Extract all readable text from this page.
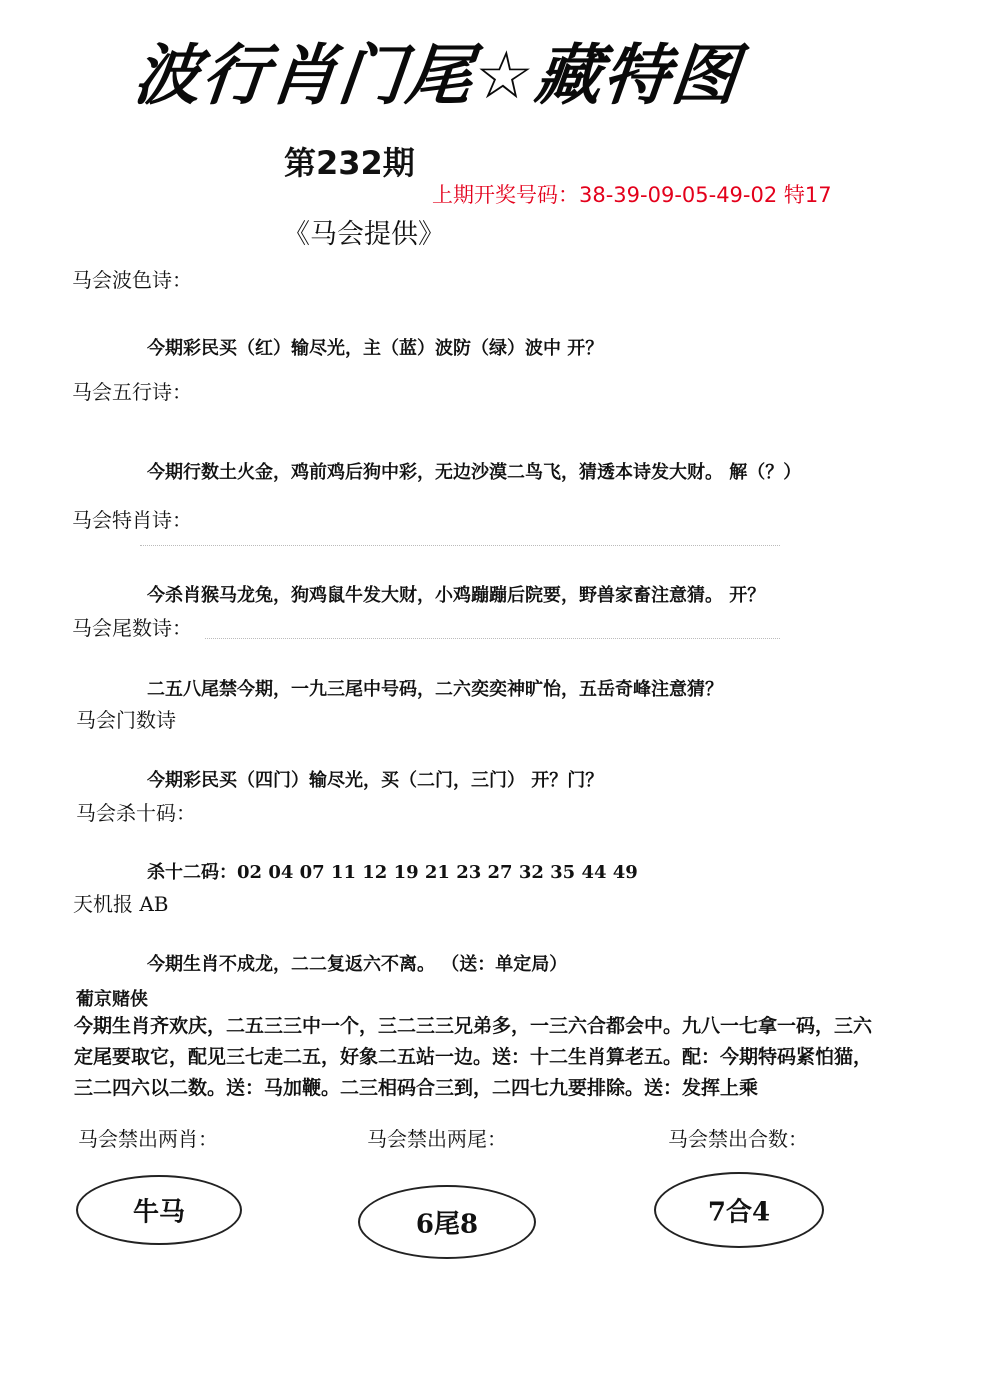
波行肖门尾☆藏特图
第232期
上期开奖号码：38-39-09-05-49-02 特17
《马会提供》
马会波色诗：
今期彩民买（红）输尽光，主（蓝）波防（绿）波中 开？
马会五行诗：
今期行数土火金，鸡前鸡后狗中彩，无边沙漠二鸟飞，猜透本诗发大财。 解（？）
马会特肖诗：
今杀肖猴马龙兔，狗鸡鼠牛发大财，小鸡蹦蹦后院要，野兽家畜注意猜。 开？
马会尾数诗：
二五八尾禁今期，一九三尾中号码，二六奕奕神旷怡，五岳奇峰注意猜？
马会门数诗
今期彩民买（四门）输尽光，买（二门，三门） 开？门？
马会杀十码：
杀十二码：02 04 07 11 12 19 21 23 27 32 35 44 49
天机报 AB
今期生肖不成龙，二二复返六不离。 （送：单定局）
葡京赌侠
今期生肖齐欢庆，二五三三中一个，三二三三兄弟多，一三六合都会中。九八一七拿一码，三六
定尾要取它，配见三七走二五，好象二五站一边。送：十二生肖算老五。配：今期特码紧怕猫，
三二四六以二数。送：马加鞭。二三相码合三到，二四七九要排除。送：发挥上乘
马会禁出两肖：	马会禁出两尾：	马会禁出合数：
牛马	6尾8	7合4
